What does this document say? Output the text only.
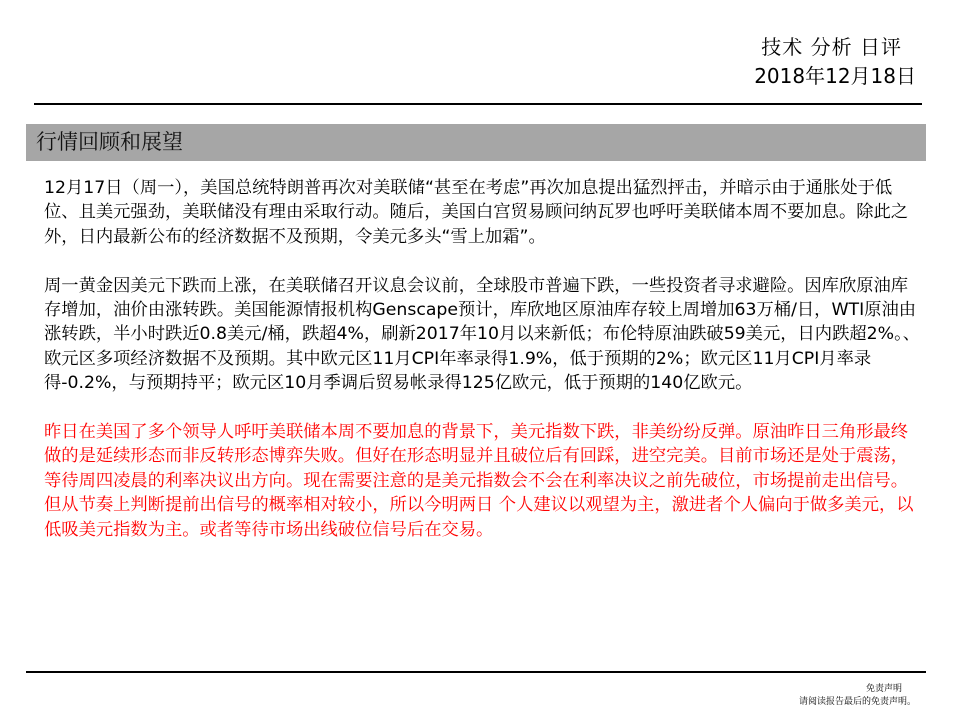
技术 分析 日评
2018年12月18日
行情回顾和展望

12月17日（周一），美国总统特朗普再次对美联储“甚至在考虑”再次加息提出猛烈抨击，并暗示由于通胀处于低位、且美元强劲，美联储没有理由采取行动。随后，美国白宫贸易顾问纳瓦罗也呼吁美联储本周不要加息。除此之外，日内最新公布的经济数据不及预期，令美元多头“雪上加霜”。

周一黄金因美元下跌而上涨，在美联储召开议息会议前，全球股市普遍下跌，一些投资者寻求避险。因库欣原油库存增加，油价由涨转跌。美国能源情报机构Genscape预计，库欣地区原油库存较上周增加63万桶/日，WTI原油由涨转跌，半小时跌近0.8美元/桶，跌超4%，刷新2017年10月以来新低；布伦特原油跌破59美元，日内跌超2%。、欧元区多项经济数据不及预期。其中欧元区11月CPI年率录得1.9%，低于预期的2%；欧元区11月CPI月率录得-0.2%，与预期持平；欧元区10月季调后贸易帐录得125亿欧元，低于预期的140亿欧元。

昨日在美国了多个领导人呼吁美联储本周不要加息的背景下，美元指数下跌，非美纷纷反弹。原油昨日三角形最终做的是延续形态而非反转形态博弈失败。但好在形态明显并且破位后有回踩，进空完美。目前市场还是处于震荡，等待周四凌晨的利率决议出方向。现在需要注意的是美元指数会不会在利率决议之前先破位，市场提前走出信号。但从节奏上判断提前出信号的概率相对较小，所以今明两日 个人建议以观望为主，激进者个人偏向于做多美元，以低吸美元指数为主。或者等待市场出线破位信号后在交易。

免责声明
请阅读报告最后的免责声明。
